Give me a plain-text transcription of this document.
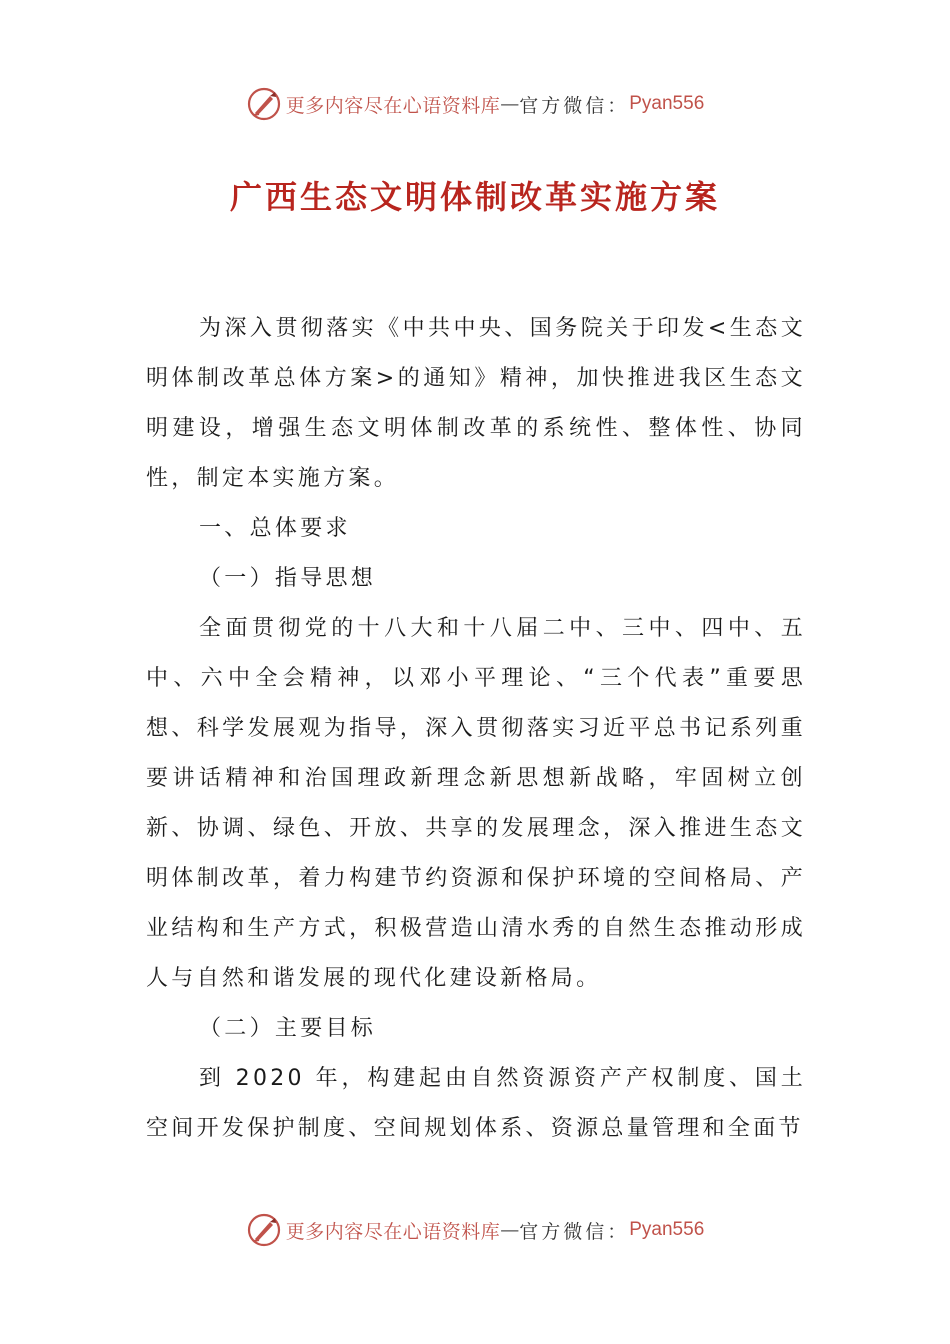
更多内容尽在心语资料库 — 官方微信： Pyan556
广西生态文明体制改革实施方案

为深入贯彻落实《中共中央、国务院关于印发<生态文明体制改革总体方案>的通知》精神，加快推进我区生态文明建设，增强生态文明体制改革的系统性、整体性、协同性，制定本实施方案。

一、总体要求

（一）指导思想

全面贯彻党的十八大和十八届二中、三中、四中、五中、六中全会精神，以邓小平理论、“三个代表”重要思想、科学发展观为指导，深入贯彻落实习近平总书记系列重要讲话精神和治国理政新理念新思想新战略，牢固树立创新、协调、绿色、开放、共享的发展理念，深入推进生态文明体制改革，着力构建节约资源和保护环境的空间格局、产业结构和生产方式，积极营造山清水秀的自然生态推动形成人与自然和谐发展的现代化建设新格局。

（二）主要目标

到 2020 年，构建起由自然资源资产产权制度、国土空间开发保护制度、空间规划体系、资源总量管理和全面节

更多内容尽在心语资料库 — 官方微信： Pyan556
